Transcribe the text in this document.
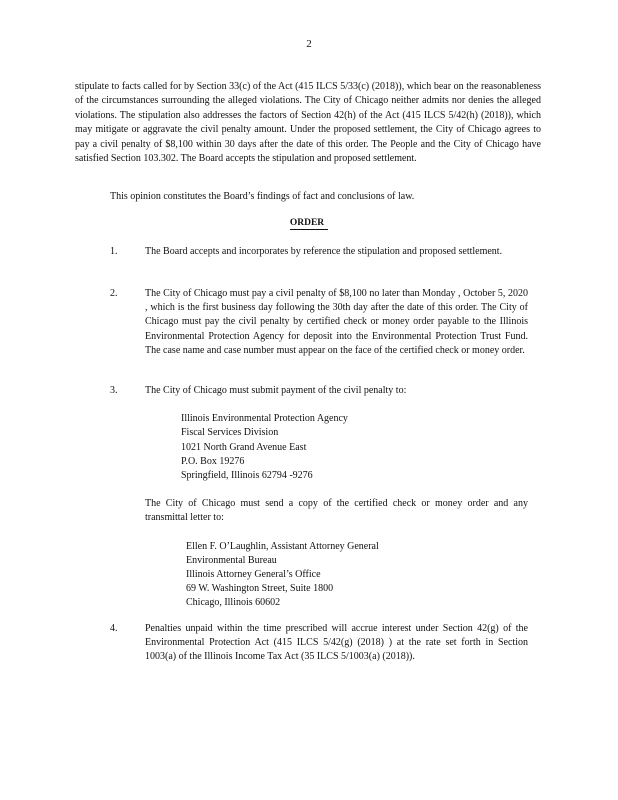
2
stipulate to facts called for by Section 33(c) of the Act (415 ILCS 5/33(c) (2018)), which bear on the reasonableness of the circumstances surrounding the alleged violations. The City of Chicago neither admits nor denies the alleged violations. The stipulation also addresses the factors of Section 42(h) of the Act (415 ILCS 5/42(h) (2018)), which may mitigate or aggravate the civil penalty amount. Under the proposed settlement, the City of Chicago agrees to pay a civil penalty of $8,100 within 30 days after the date of this order. The People and the City of Chicago have satisfied Section 103.302. The Board accepts the stipulation and proposed settlement.
This opinion constitutes the Board’s findings of fact and conclusions of law.
ORDER
1.	The Board accepts and incorporates by reference the stipulation and proposed settlement.
2.	The City of Chicago must pay a civil penalty of $8,100 no later than Monday , October 5, 2020 , which is the first business day following the 30th day after the date of this order. The City of Chicago must pay the civil penalty by certified check or money order payable to the Illinois Environmental Protection Agency for deposit into the Environmental Protection Trust Fund. The case name and case number must appear on the face of the certified check or money order.
3.	The City of Chicago must submit payment of the civil penalty to:
Illinois Environmental Protection Agency
Fiscal Services Division
1021 North Grand Avenue East
P.O. Box 19276
Springfield, Illinois 62794 -9276
The City of Chicago must send a copy of the certified check or money order and any transmittal letter to:
Ellen F. O’Laughlin, Assistant Attorney General
Environmental Bureau
Illinois Attorney General’s Office
69 W. Washington Street, Suite 1800
Chicago, Illinois 60602
4.	Penalties unpaid within the time prescribed will accrue interest under Section 42(g) of the Environmental Protection Act (415 ILCS 5/42(g) (2018) ) at the rate set forth in Section 1003(a) of the Illinois Income Tax Act (35 ILCS 5/1003(a) (2018)).
